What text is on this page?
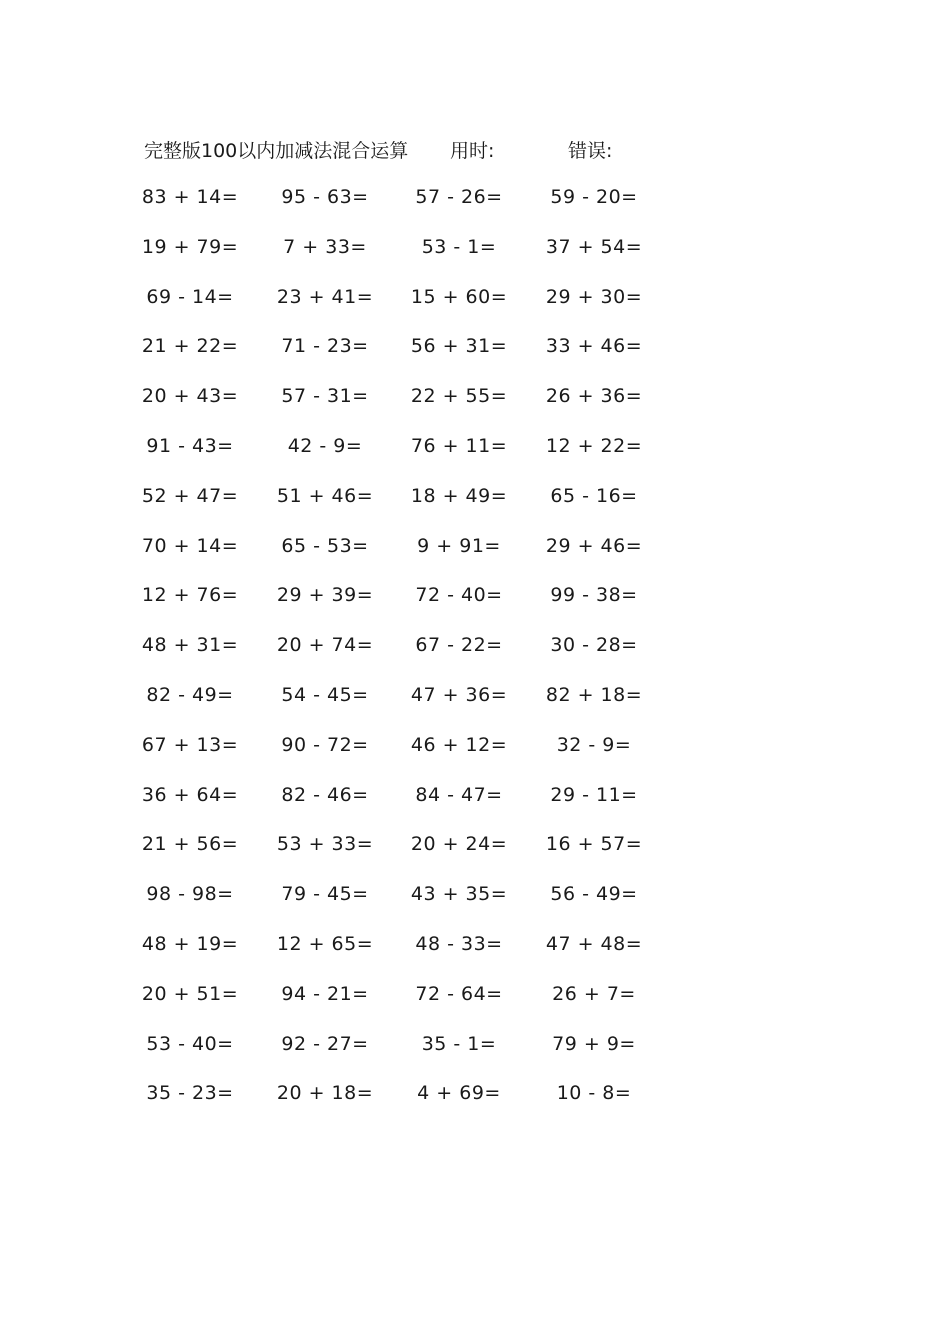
完整版100以内加减法混合运算 用时:	错误:
83 + 14=	95 - 63=	57 - 26=	59 - 20=
19 + 79=	7 + 33=	53 - 1=	37 + 54=
69 - 14=	23 + 41=	15 + 60=	29 + 30=
21 + 22=	71 - 23=	56 + 31=	33 + 46=
20 + 43=	57 - 31=	22 + 55=	26 + 36=
91 - 43=	42 - 9=	76 + 11=	12 + 22=
52 + 47=	51 + 46=	18 + 49=	65 - 16=
70 + 14=	65 - 53=	9 + 91=	29 + 46=
12 + 76=	29 + 39=	72 - 40=	99 - 38=
48 + 31=	20 + 74=	67 - 22=	30 - 28=
82 - 49=	54 - 45=	47 + 36=	82 + 18=
67 + 13=	90 - 72=	46 + 12=	32 - 9=
36 + 64=	82 - 46=	84 - 47=	29 - 11=
21 + 56=	53 + 33=	20 + 24=	16 + 57=
98 - 98=	79 - 45=	43 + 35=	56 - 49=
48 + 19=	12 + 65=	48 - 33=	47 + 48=
20 + 51=	94 - 21=	72 - 64=	26 + 7=
53 - 40=	92 - 27=	35 - 1=	79 + 9=
35 - 23=	20 + 18=	4 + 69=	10 - 8=
